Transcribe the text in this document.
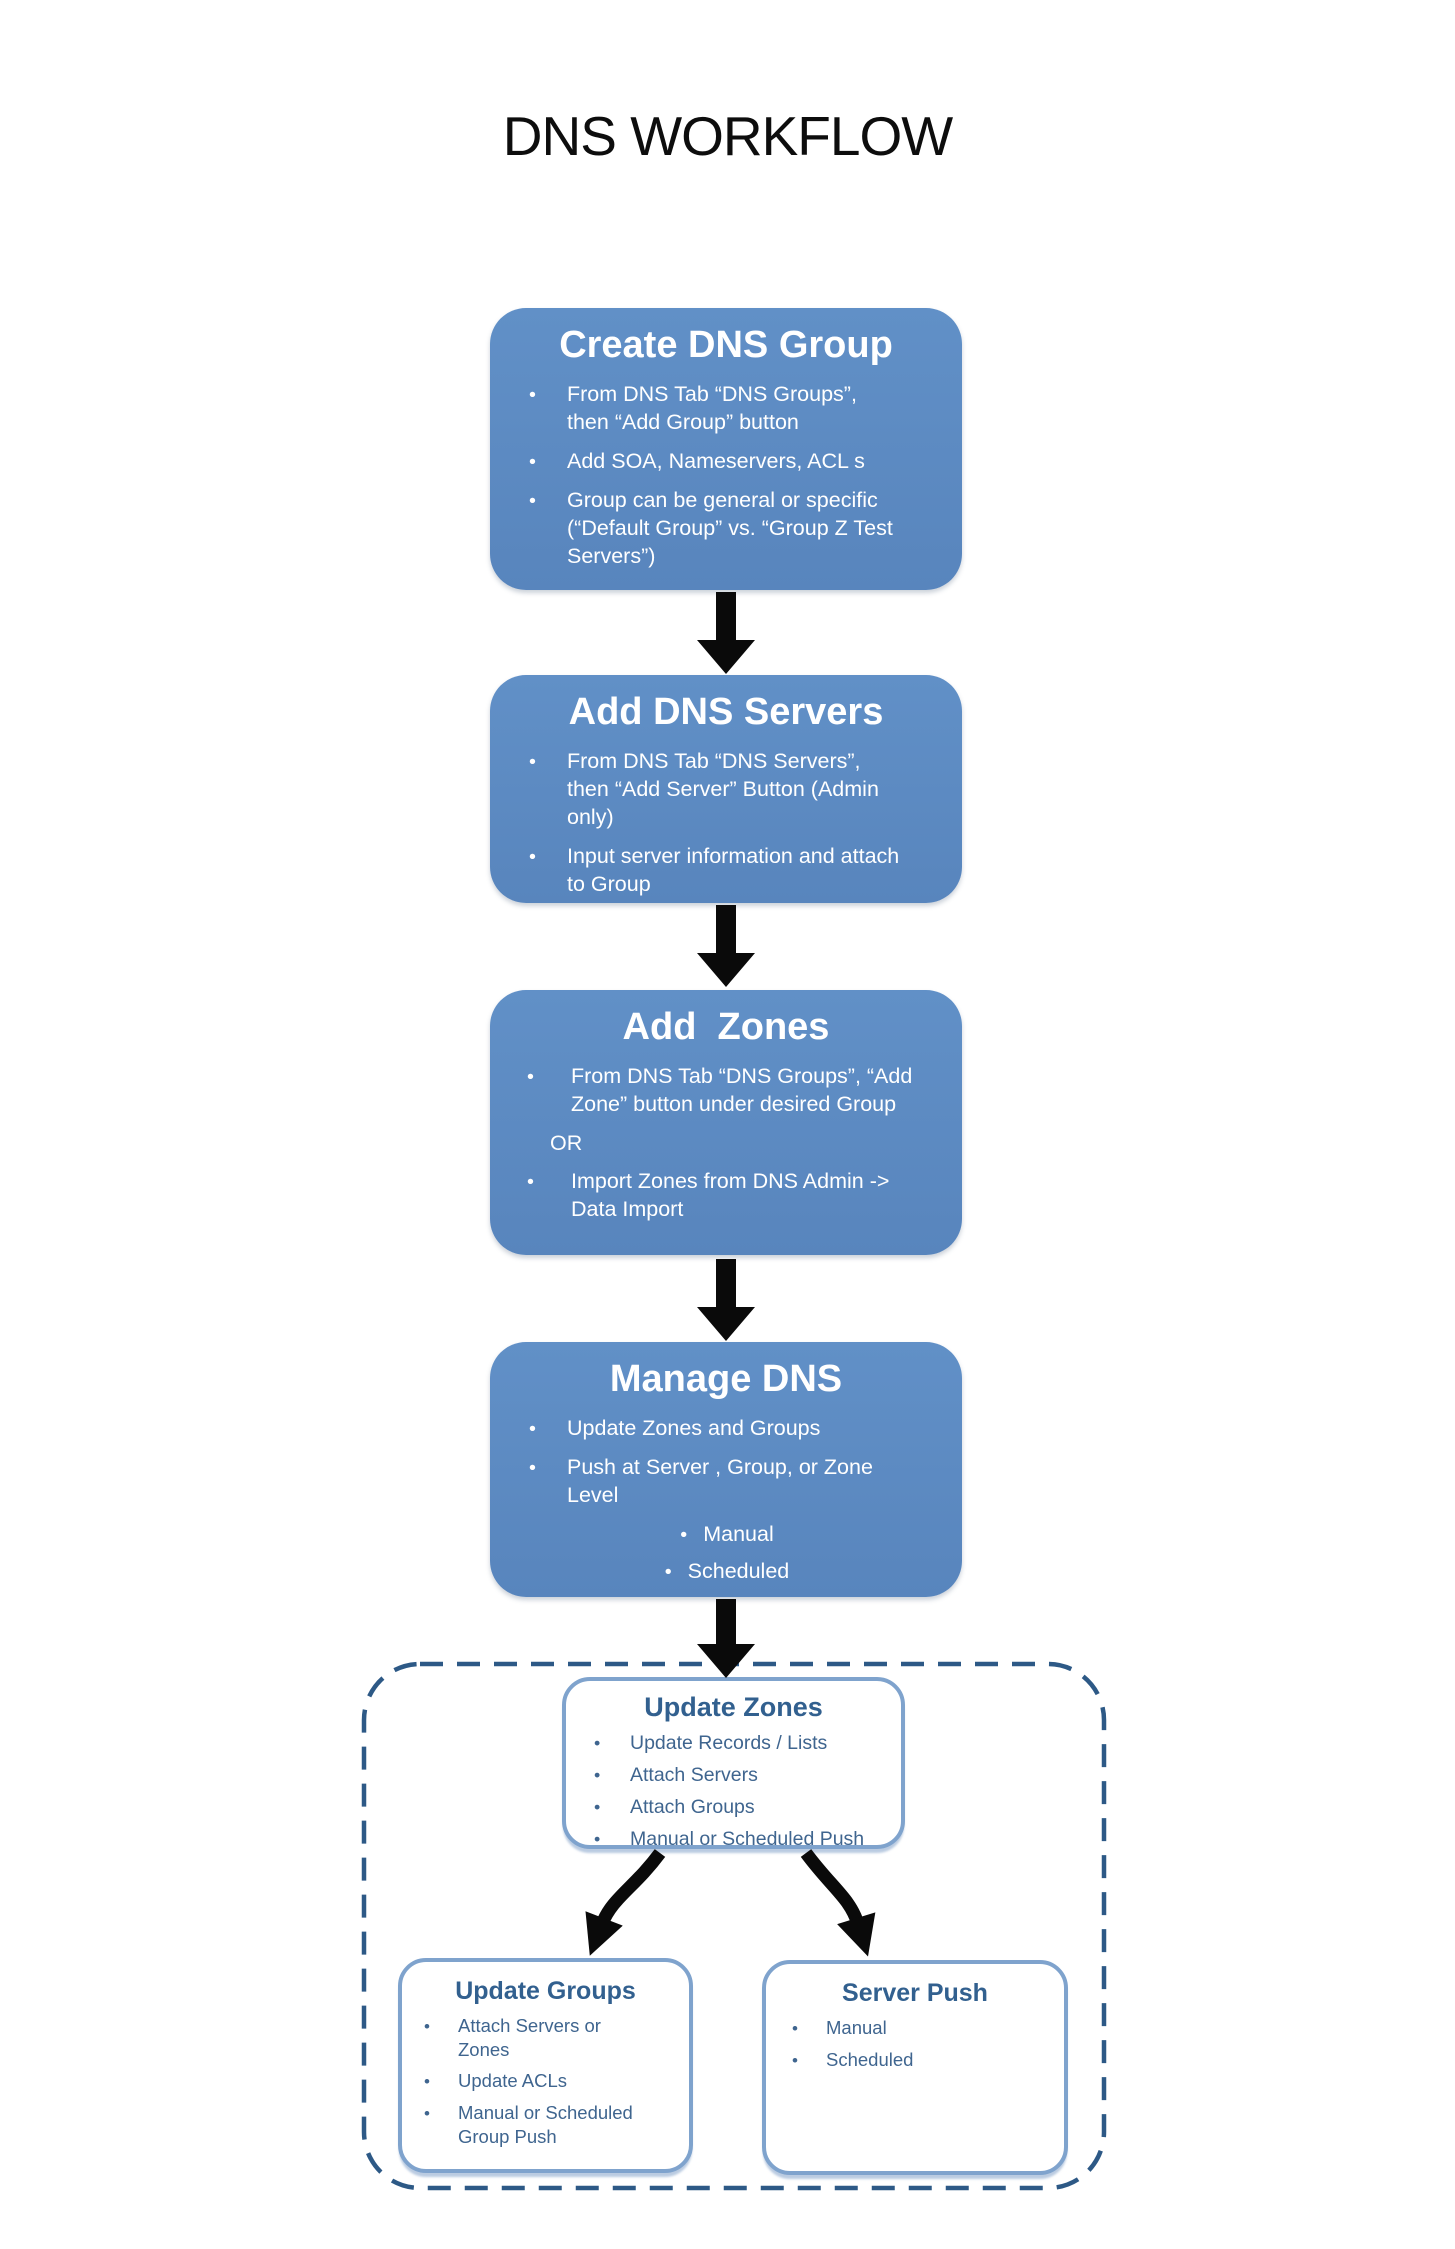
DNS WORKFLOW
Create DNS Group
•
From DNS Tab “DNS Groups”, then “Add Group” button
•
Add SOA, Nameservers, ACL s
•
Group can be general or specific (“Default Group” vs. “Group Z Test Servers”)
Add DNS Servers
•
From DNS Tab “DNS Servers”, then “Add Server” Button (Admin only)
•
Input server information and attach to Group
Add  Zones
•
From DNS Tab “DNS Groups”, “Add Zone” button under desired Group
OR
•
Import Zones from DNS Admin -> Data Import
Manage DNS
•
Update Zones and Groups
•
Push at Server , Group, or Zone Level
•
Manual
•
Scheduled
Update Zones
•
Update Records / Lists
•
Attach Servers
•
Attach Groups
•
Manual or Scheduled Push
Update Groups
•
Attach Servers or Zones
•
Update ACLs
•
Manual or Scheduled Group Push
Server Push
•
Manual
•
Scheduled
